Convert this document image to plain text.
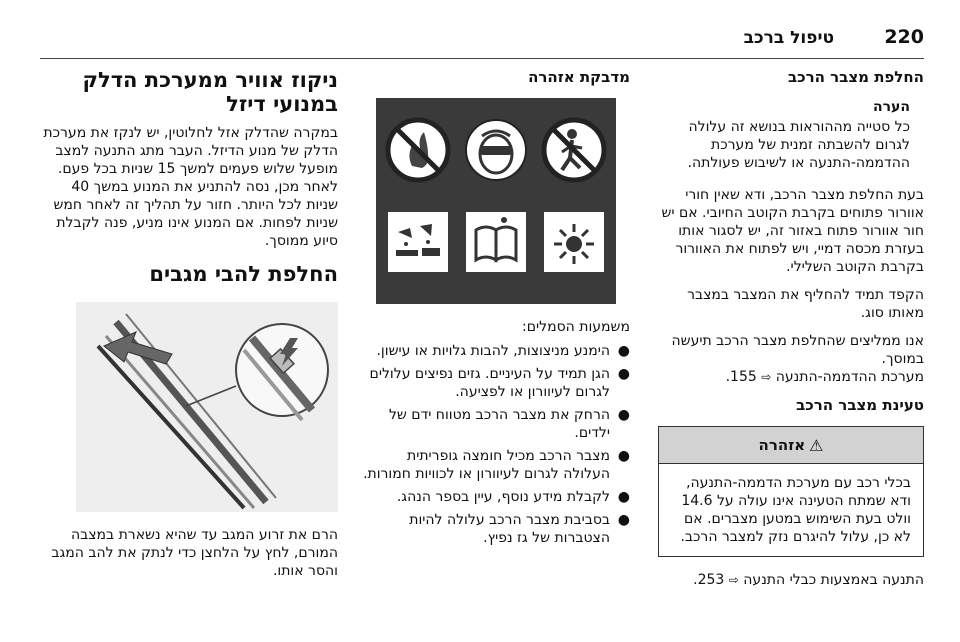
220
טיפול ברכב
החלפת מצבר הרכב
הערה
כל סטייה מההוראות בנושא זה עלולה לגרום להשבתה זמנית של מערכת ההדממה-התנעה או לשיבוש פעולתה.

בעת החלפת מצבר הרכב, ודא שאין חורי אוורור פתוחים בקרבת הקוטב החיובי. אם יש חור אוורור פתוח באזור זה, יש לסגור אותו בעזרת מכסה דמיי, ויש לפתוח את האוורור בקרבת הקוטב השלילי.

הקפד תמיד להחליף את המצבר במצבר מאותו סוג.

אנו ממליצים שהחלפת מצבר הרכב תיעשה במוסך.
מערכת ההדממה-התנעה ⇨ 155.

טעינת מצבר הרכב
⚠
אזהרה
בכלי רכב עם מערכת הדממה-התנעה, ודא שמתח הטעינה אינו עולה על 14.6 וולט בעת השימוש במטען מצברים. אם לא כן, עלול להיגרם נזק למצבר הרכב.

התנעה באמצעות כבלי התנעה ⇨ 253.

מדבקת אזהרה

משמעות הסמלים:

●
הימנע מניצוצות, להבות גלויות או עישון.
●
הגן תמיד על העיניים. גזים נפיצים עלולים לגרום לעיוורון או לפציעה.
●
הרחק את מצבר הרכב מטווח ידם של ילדים.
●
מצבר הרכב מכיל חומצה גופריתית העלולה לגרום לעיוורון או לכוויות חמורות.
●
לקבלת מידע נוסף, עיין בספר הנהג.
●
בסביבת מצבר הרכב עלולה להיות הצטברות של גז נפיץ.
ניקוז אוויר ממערכת הדלק
במנועי דיזל

במקרה שהדלק אזל לחלוטין, יש לנקז את מערכת הדלק של מנוע הדיזל. העבר מתג התנעה למצב מופעל שלוש פעמים למשך 15 שניות בכל פעם. לאחר מכן, נסה להתניע את המנוע במשך 40 שניות לכל היותר. חזור על תהליך זה לאחר חמש שניות לפחות. אם המנוע אינו מניע, פנה לקבלת סיוע ממוסך.

החלפת להבי מגבים

הרם את זרוע המגב עד שהיא נשארת במצבה המורם, לחץ על הלחצן כדי לנתק את להב המגב והסר אותו.
